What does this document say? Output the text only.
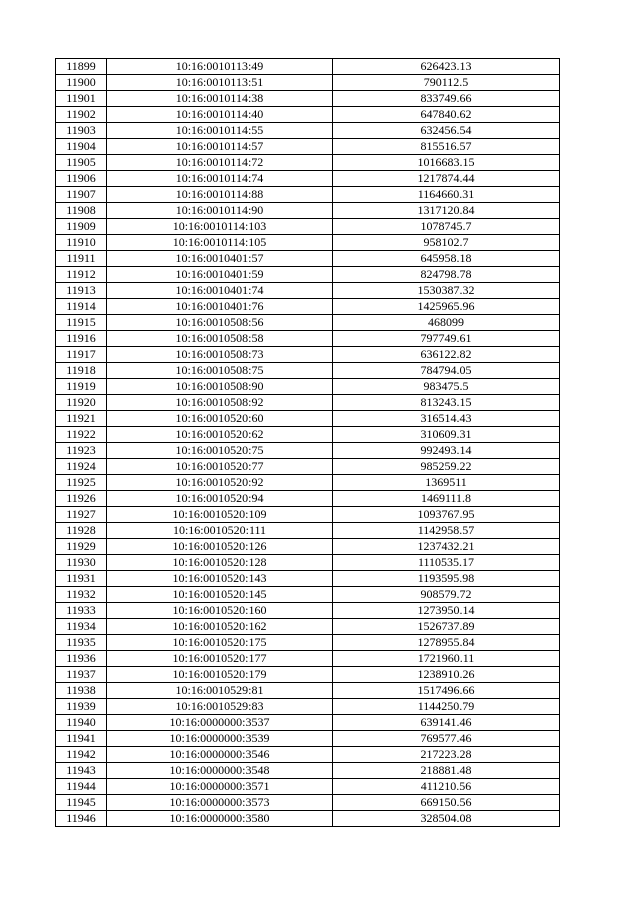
11899	10:16:0010113:49	626423.13
11900	10:16:0010113:51	790112.5
11901	10:16:0010114:38	833749.66
11902	10:16:0010114:40	647840.62
11903	10:16:0010114:55	632456.54
11904	10:16:0010114:57	815516.57
11905	10:16:0010114:72	1016683.15
11906	10:16:0010114:74	1217874.44
11907	10:16:0010114:88	1164660.31
11908	10:16:0010114:90	1317120.84
11909	10:16:0010114:103	1078745.7
11910	10:16:0010114:105	958102.7
11911	10:16:0010401:57	645958.18
11912	10:16:0010401:59	824798.78
11913	10:16:0010401:74	1530387.32
11914	10:16:0010401:76	1425965.96
11915	10:16:0010508:56	468099
11916	10:16:0010508:58	797749.61
11917	10:16:0010508:73	636122.82
11918	10:16:0010508:75	784794.05
11919	10:16:0010508:90	983475.5
11920	10:16:0010508:92	813243.15
11921	10:16:0010520:60	316514.43
11922	10:16:0010520:62	310609.31
11923	10:16:0010520:75	992493.14
11924	10:16:0010520:77	985259.22
11925	10:16:0010520:92	1369511
11926	10:16:0010520:94	1469111.8
11927	10:16:0010520:109	1093767.95
11928	10:16:0010520:111	1142958.57
11929	10:16:0010520:126	1237432.21
11930	10:16:0010520:128	1110535.17
11931	10:16:0010520:143	1193595.98
11932	10:16:0010520:145	908579.72
11933	10:16:0010520:160	1273950.14
11934	10:16:0010520:162	1526737.89
11935	10:16:0010520:175	1278955.84
11936	10:16:0010520:177	1721960.11
11937	10:16:0010520:179	1238910.26
11938	10:16:0010529:81	1517496.66
11939	10:16:0010529:83	1144250.79
11940	10:16:0000000:3537	639141.46
11941	10:16:0000000:3539	769577.46
11942	10:16:0000000:3546	217223.28
11943	10:16:0000000:3548	218881.48
11944	10:16:0000000:3571	411210.56
11945	10:16:0000000:3573	669150.56
11946	10:16:0000000:3580	328504.08
